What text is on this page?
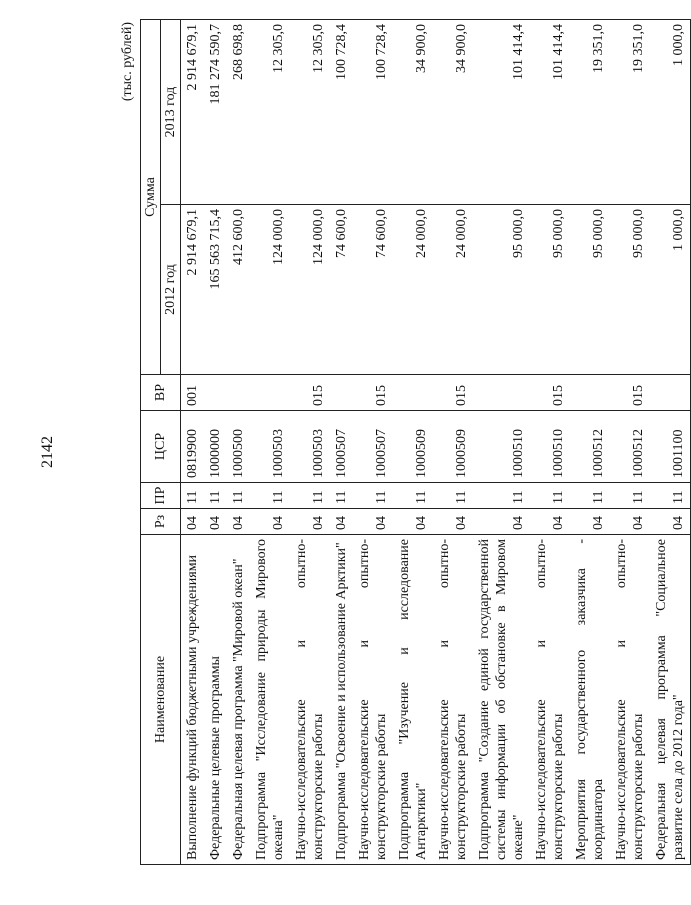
2142
(тыс. рублей)
Наименование	Рз	ПР	ЦСР	ВР	Сумма	
					2012 год	2013 год
Выполнение функций бюджетными учреждениями	04	11	0819900	001	2 914 679,1	2 914 679,1
Федеральные целевые программы	04	11	1000000		165 563 715,4	181 274 590,7
Федеральная целевая программа "Мировой океан"	04	11	1000500		412 600,0	268 698,8
Подпрограмма "Исследование природы Мирового океана"	04	11	1000503		124 000,0	12 305,0
Научно-исследовательские и опытно-конструкторские работы	04	11	1000503	015	124 000,0	12 305,0
Подпрограмма "Освоение и использование Арктики"	04	11	1000507		74 600,0	100 728,4
Научно-исследовательские и опытно-конструкторские работы	04	11	1000507	015	74 600,0	100 728,4
Подпрограмма "Изучение и исследование Антарктики"	04	11	1000509		24 000,0	34 900,0
Научно-исследовательские и опытно-конструкторские работы	04	11	1000509	015	24 000,0	34 900,0
Подпрограмма "Создание единой государственной системы информации об обстановке в Мировом океане"	04	11	1000510		95 000,0	101 414,4
Научно-исследовательские и опытно-конструкторские работы	04	11	1000510	015	95 000,0	101 414,4
Мероприятия государственного заказчика - координатора	04	11	1000512		95 000,0	19 351,0
Научно-исследовательские и опытно-конструкторские работы	04	11	1000512	015	95 000,0	19 351,0
Федеральная целевая программа "Социальное развитие села до 2012 года"	04	11	1001100		1 000,0	1 000,0
